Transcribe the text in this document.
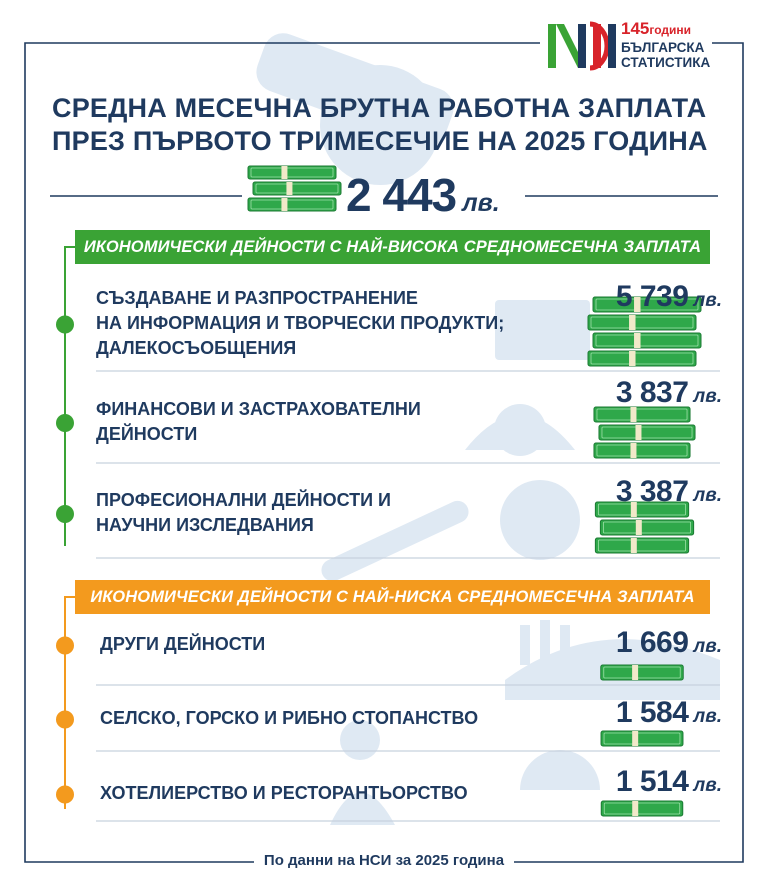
145години
БЪЛГАРСКА
СТАТИСТИКА
СРЕДНА МЕСЕЧНА БРУТНА РАБОТНА ЗАПЛАТА
ПРЕЗ ПЪРВОТО ТРИМЕСЕЧИЕ НА 2025 ГОДИНА
2 443 лв.
ИКОНОМИЧЕСКИ ДЕЙНОСТИ С НАЙ-ВИСОКА СРЕДНОМЕСЕЧНА ЗАПЛАТА
СЪЗДАВАНЕ И РАЗПРОСТРАНЕНИЕ
НА ИНФОРМАЦИЯ И ТВОРЧЕСКИ ПРОДУКТИ;
ДАЛЕКОСЪОБЩЕНИЯ
5 739 лв.
ФИНАНСОВИ И ЗАСТРАХОВАТЕЛНИ
ДЕЙНОСТИ
3 837 лв.
ПРОФЕСИОНАЛНИ ДЕЙНОСТИ И
НАУЧНИ ИЗСЛЕДВАНИЯ
3 387 лв.
ИКОНОМИЧЕСКИ ДЕЙНОСТИ С НАЙ-НИСКА СРЕДНОМЕСЕЧНА ЗАПЛАТА
ДРУГИ ДЕЙНОСТИ	1 669 лв.
СЕЛСКО, ГОРСКО И РИБНО СТОПАНСТВО	1 584 лв.
ХОТЕЛИЕРСТВО И РЕСТОРАНТЬОРСТВО	1 514 лв.
По данни на НСИ за 2025 година
